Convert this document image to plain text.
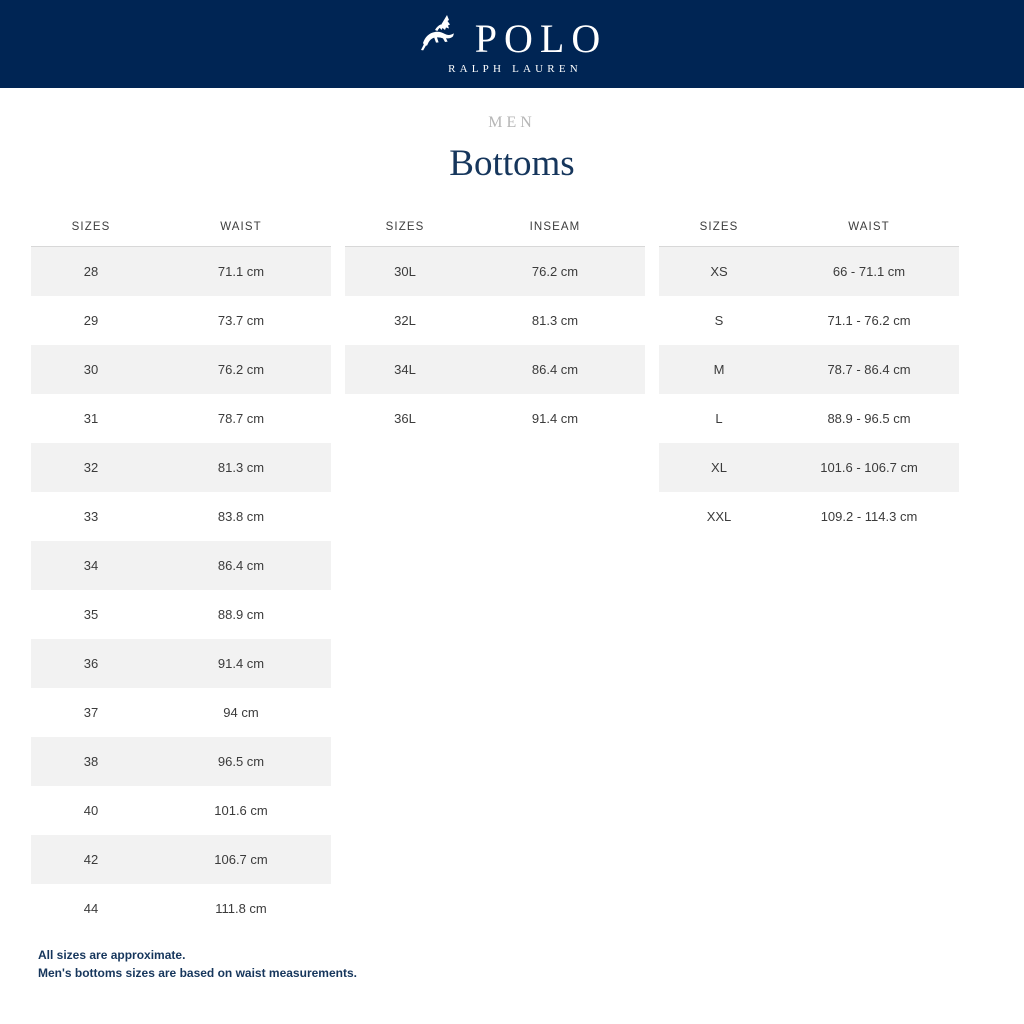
POLO
RALPH LAUREN
MEN
Bottoms
SIZES	WAIST
28	71.1 cm
29	73.7 cm
30	76.2 cm
31	78.7 cm
32	81.3 cm
33	83.8 cm
34	86.4 cm
35	88.9 cm
36	91.4 cm
37	94 cm
38	96.5 cm
40	101.6 cm
42	106.7 cm
44	111.8 cm
SIZES	INSEAM
30L	76.2 cm
32L	81.3 cm
34L	86.4 cm
36L	91.4 cm
SIZES	WAIST
XS	66 - 71.1 cm
S	71.1 - 76.2 cm
M	78.7 - 86.4 cm
L	88.9 - 96.5 cm
XL	101.6 - 106.7 cm
XXL	109.2 - 114.3 cm
All sizes are approximate.
Men's bottoms sizes are based on waist measurements.
